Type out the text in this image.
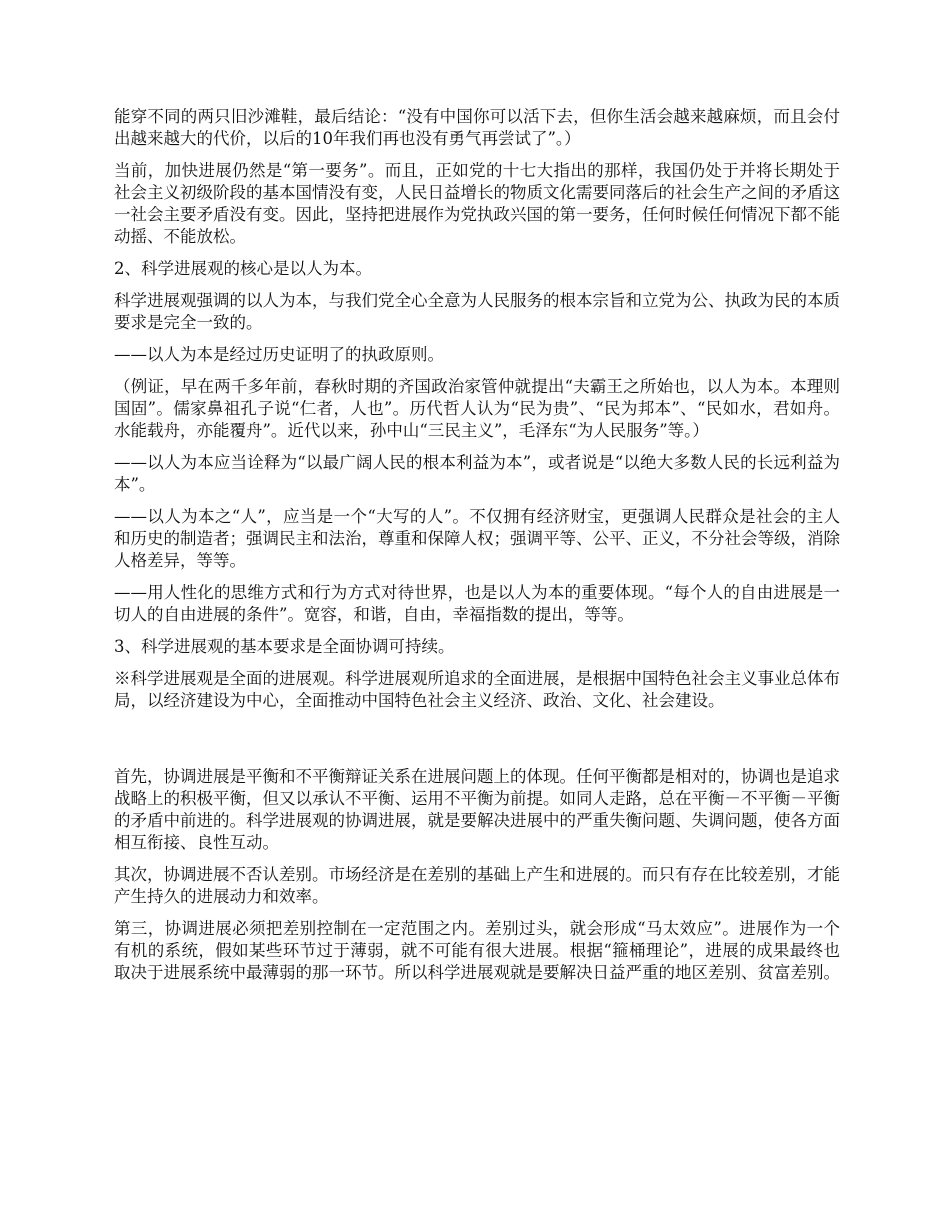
能穿不同的两只旧沙滩鞋，最后结论：“没有中国你可以活下去，但你生活会越来越麻烦，而且会付出越来越大的代价，以后的10年我们再也没有勇气再尝试了”。）

当前，加快进展仍然是“第一要务”。而且，正如党的十七大指出的那样，我国仍处于并将长期处于社会主义初级阶段的基本国情没有变，人民日益增长的物质文化需要同落后的社会生产之间的矛盾这一社会主要矛盾没有变。因此，坚持把进展作为党执政兴国的第一要务，任何时候任何情况下都不能动摇、不能放松。

2、科学进展观的核心是以人为本。

科学进展观强调的以人为本，与我们党全心全意为人民服务的根本宗旨和立党为公、执政为民的本质要求是完全一致的。

——以人为本是经过历史证明了的执政原则。

（例证，早在两千多年前，春秋时期的齐国政治家管仲就提出“夫霸王之所始也，以人为本。本理则国固”。儒家鼻祖孔子说“仁者，人也”。历代哲人认为“民为贵”、“民为邦本”、“民如水，君如舟。水能载舟，亦能覆舟”。近代以来，孙中山“三民主义”，毛泽东“为人民服务”等。）

——以人为本应当诠释为“以最广阔人民的根本利益为本”，或者说是“以绝大多数人民的长远利益为本”。

——以人为本之“人”，应当是一个“大写的人”。不仅拥有经济财宝，更强调人民群众是社会的主人和历史的制造者；强调民主和法治，尊重和保障人权；强调平等、公平、正义，不分社会等级，消除人格差异，等等。

——用人性化的思维方式和行为方式对待世界，也是以人为本的重要体现。“每个人的自由进展是一切人的自由进展的条件”。宽容，和谐，自由，幸福指数的提出，等等。

3、科学进展观的基本要求是全面协调可持续。

※科学进展观是全面的进展观。科学进展观所追求的全面进展，是根据中国特色社会主义事业总体布局，以经济建设为中心，全面推动中国特色社会主义经济、政治、文化、社会建设。

首先，协调进展是平衡和不平衡辩证关系在进展问题上的体现。任何平衡都是相对的，协调也是追求战略上的积极平衡，但又以承认不平衡、运用不平衡为前提。如同人走路，总在平衡－不平衡－平衡的矛盾中前进的。科学进展观的协调进展，就是要解决进展中的严重失衡问题、失调问题，使各方面相互衔接、良性互动。

其次，协调进展不否认差别。市场经济是在差别的基础上产生和进展的。而只有存在比较差别，才能产生持久的进展动力和效率。

第三，协调进展必须把差别控制在一定范围之内。差别过头，就会形成“马太效应”。进展作为一个有机的系统，假如某些环节过于薄弱，就不可能有很大进展。根据“箍桶理论”，进展的成果最终也取决于进展系统中最薄弱的那一环节。所以科学进展观就是要解决日益严重的地区差别、贫富差别。
